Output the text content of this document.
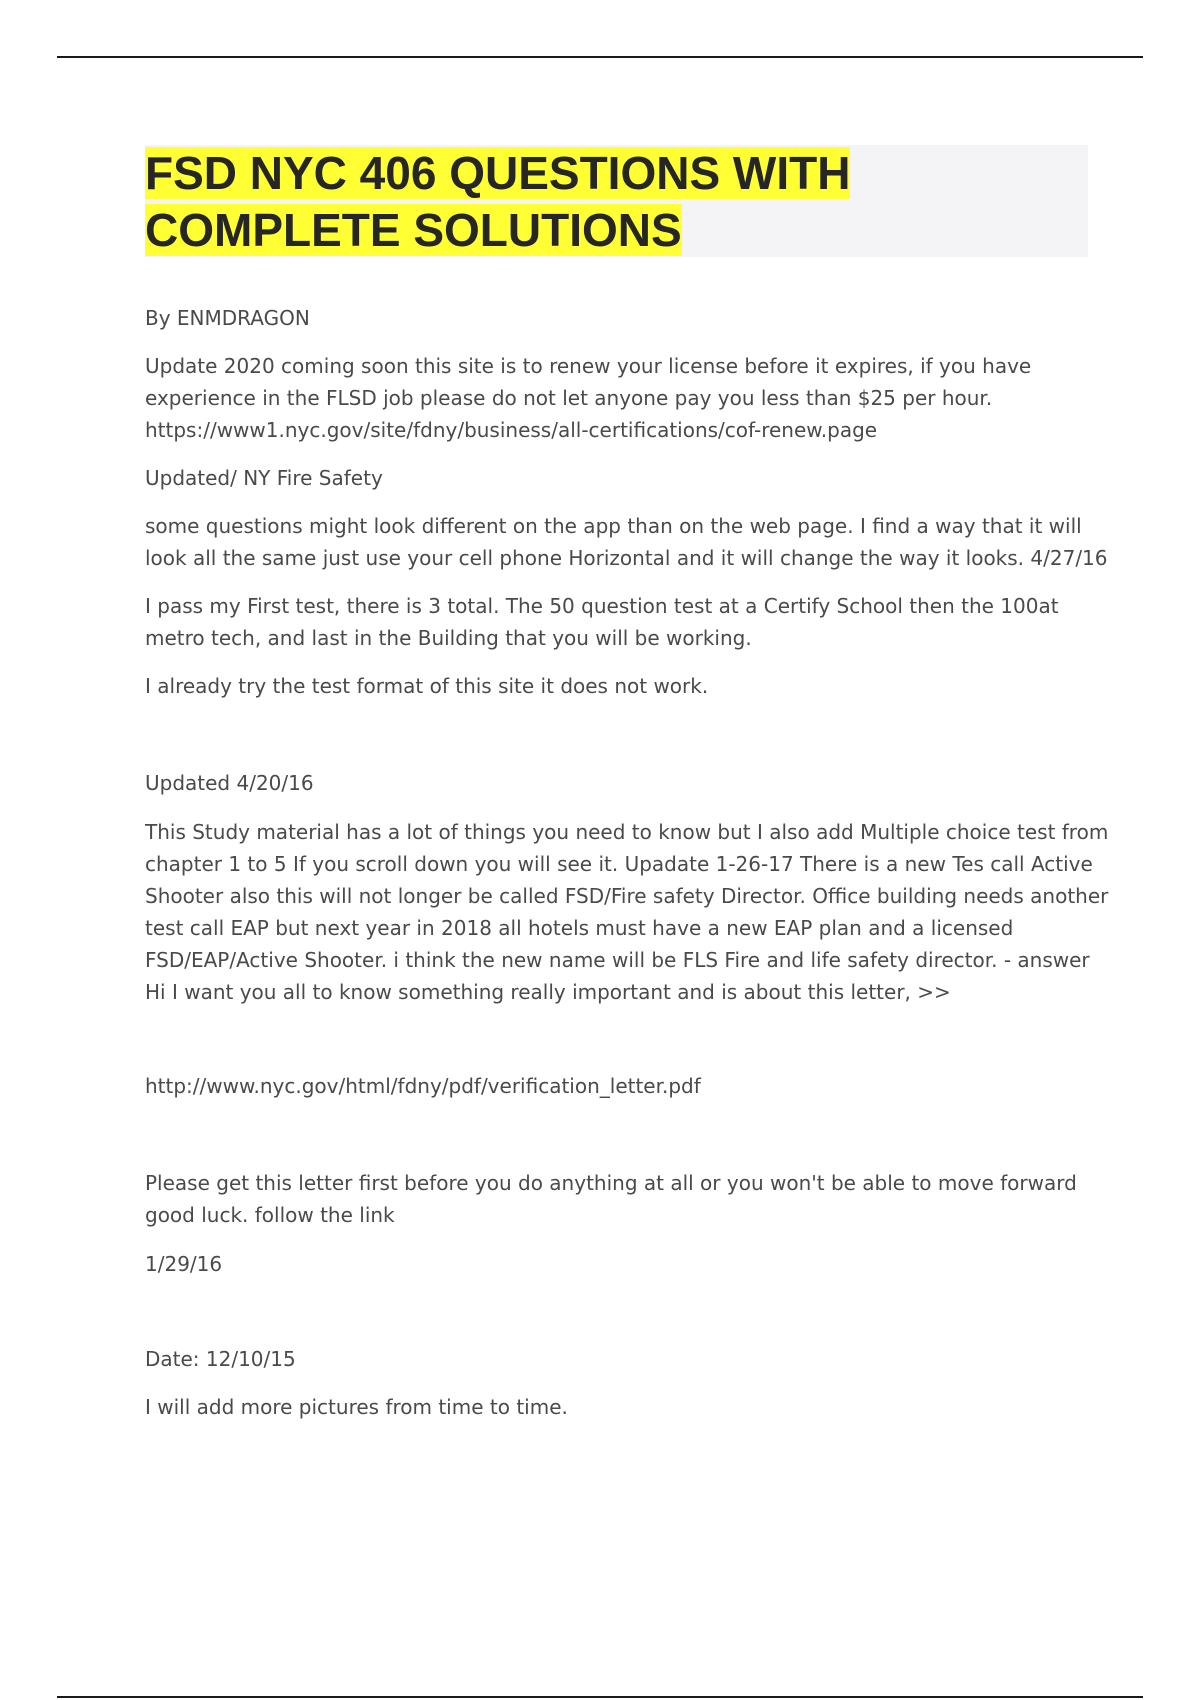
FSD NYC 406 QUESTIONS WITH
COMPLETE SOLUTIONS

By ENMDRAGON

Update 2020 coming soon this site is to renew your license before it expires, if you have
experience in the FLSD job please do not let anyone pay you less than $25 per hour.
https://www1.nyc.gov/site/fdny/business/all-certifications/cof-renew.page

Updated/ NY Fire Safety

some questions might look different on the app than on the web page. I find a way that it will
look all the same just use your cell phone Horizontal and it will change the way it looks. 4/27/16

I pass my First test, there is 3 total. The 50 question test at a Certify School then the 100at
metro tech, and last in the Building that you will be working.

I already try the test format of this site it does not work.

Updated 4/20/16

This Study material has a lot of things you need to know but I also add Multiple choice test from
chapter 1 to 5 If you scroll down you will see it. Upadate 1-26-17 There is a new Tes call Active
Shooter also this will not longer be called FSD/Fire safety Director. Office building needs another
test call EAP but next year in 2018 all hotels must have a new EAP plan and a licensed
FSD/EAP/Active Shooter. i think the new name will be FLS Fire and life safety director. - answer
Hi I want you all to know something really important and is about this letter, >>

http://www.nyc.gov/html/fdny/pdf/verification_letter.pdf

Please get this letter first before you do anything at all or you won't be able to move forward
good luck. follow the link

1/29/16

Date: 12/10/15

I will add more pictures from time to time.
